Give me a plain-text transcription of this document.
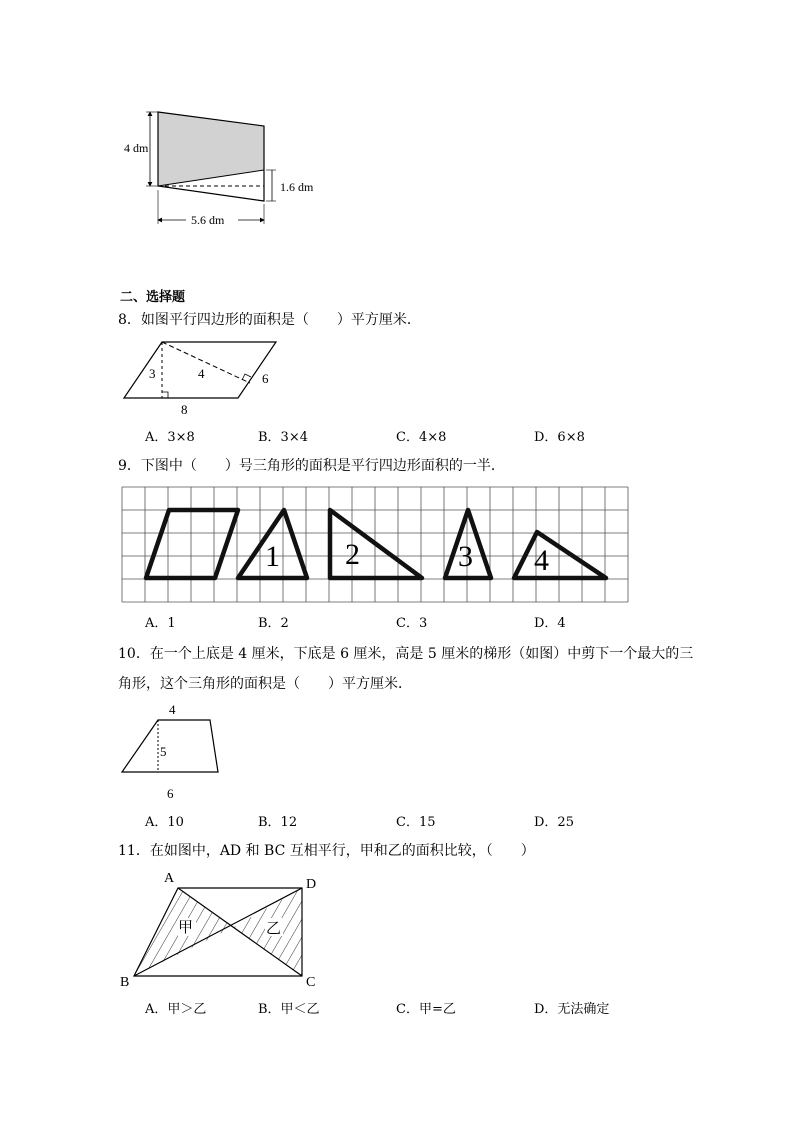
4 dm
1.6 dm
5.6 dm
二、选择题
8．如图平行四边形的面积是（　　）平方厘米．
3	4	6
8
A．3×8	B．3×4	C．4×8	D．6×8
9．下图中（　　）号三角形的面积是平行四边形面积的一半．
1 2	3 4
A．1	B．2	C．3	D．4
10．在一个上底是 4 厘米，下底是 6 厘米，高是 5 厘米的梯形（如图）中剪下一个最大的三
角形，这个三角形的面积是（　　）平方厘米．
4
5
6
A．10	B．12	C．15	D．25
11．在如图中，AD 和 BC 互相平行，甲和乙的面积比较，（　　）
甲	乙
A	D
B	C
A．甲＞乙	B．甲＜乙	C．甲=乙	D．无法确定
